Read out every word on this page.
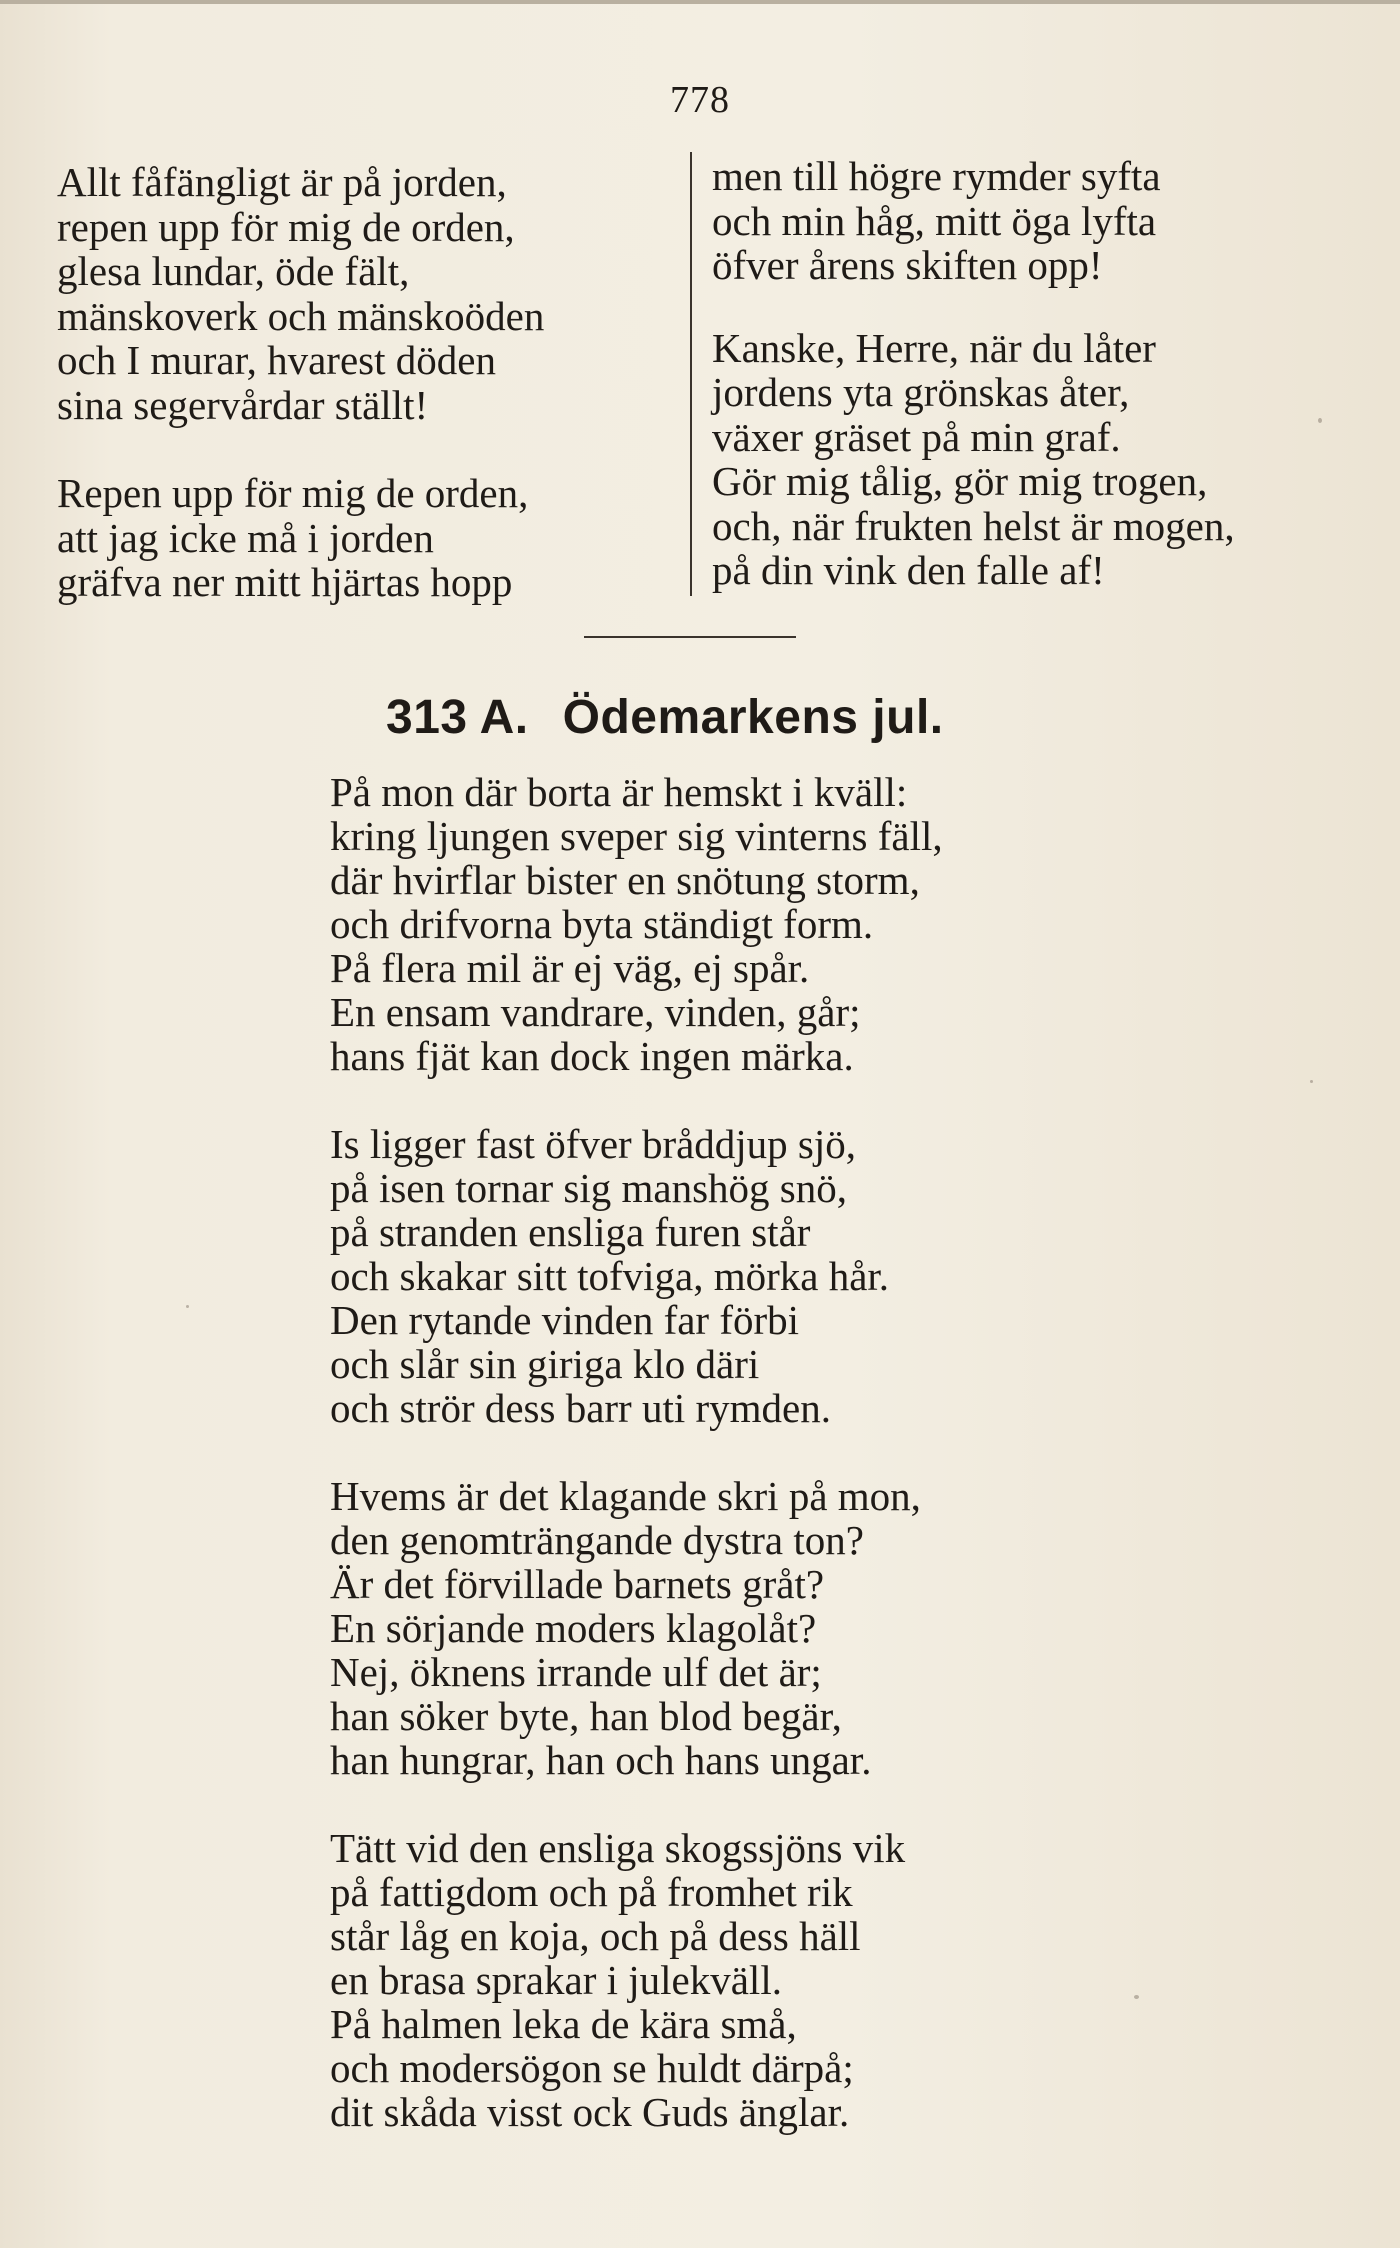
778
Allt fåfängligt är på jorden,
repen upp för mig de orden,
glesa lundar, öde fält,
mänskoverk och mänskoöden
och I murar, hvarest döden
sina segervårdar ställt!
Repen upp för mig de orden,
att jag icke må i jorden
gräfva ner mitt hjärtas hopp
men till högre rymder syfta
och min håg, mitt öga lyfta
öfver årens skiften opp!
Kanske, Herre, när du låter
jordens yta grönskas åter,
växer gräset på min graf.
Gör mig tålig, gör mig trogen,
och, när frukten helst är mogen,
på din vink den falle af!
313 A. Ödemarkens jul.
På mon där borta är hemskt i kväll:
kring ljungen sveper sig vinterns fäll,
där hvirflar bister en snötung storm,
och drifvorna byta ständigt form.
På flera mil är ej väg, ej spår.
En ensam vandrare, vinden, går;
hans fjät kan dock ingen märka.
Is ligger fast öfver bråddjup sjö,
på isen tornar sig manshög snö,
på stranden ensliga furen står
och skakar sitt tofviga, mörka hår.
Den rytande vinden far förbi
och slår sin giriga klo däri
och strör dess barr uti rymden.
Hvems är det klagande skri på mon,
den genomträngande dystra ton?
Är det förvillade barnets gråt?
En sörjande moders klagolåt?
Nej, öknens irrande ulf det är;
han söker byte, han blod begär,
han hungrar, han och hans ungar.
Tätt vid den ensliga skogssjöns vik
på fattigdom och på fromhet rik
står låg en koja, och på dess häll
en brasa sprakar i julekväll.
På halmen leka de kära små,
och modersögon se huldt därpå;
dit skåda visst ock Guds änglar.
